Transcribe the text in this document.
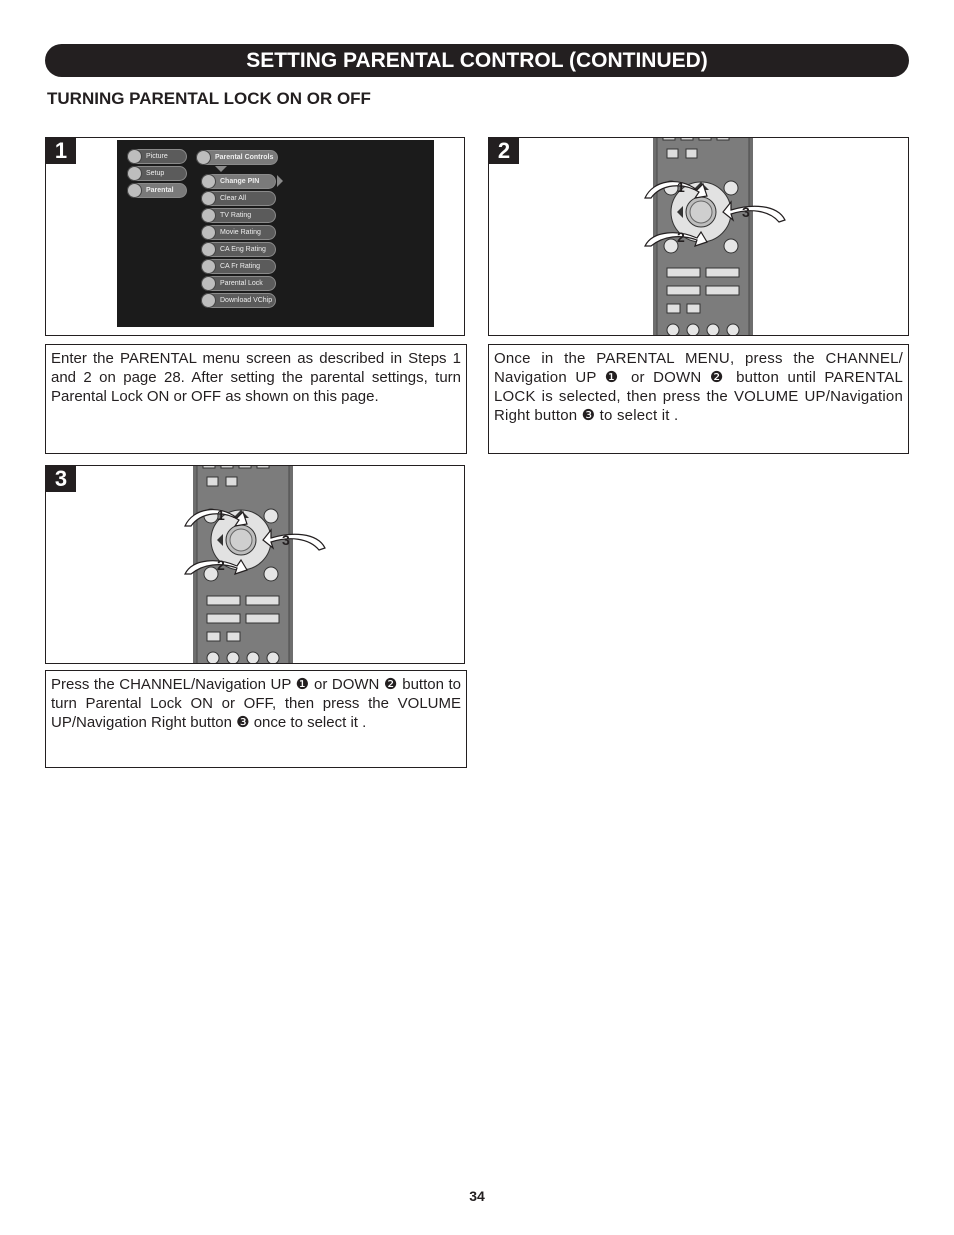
SETTING PARENTAL CONTROL (CONTINUED)
TURNING PARENTAL LOCK ON OR OFF
1	Picture
Setup
Parental
Parental Controls
Change PIN
Clear All
TV Rating
Movie Rating
CA Eng Rating
CA Fr Rating
Parental Lock
Download VChip
Enter the PARENTAL menu screen as described in Steps 1 and 2 on page 28. After setting the parental settings, turn Parental Lock ON or OFF as shown on this page.
2
1
2
3
Once in the PARENTAL MENU, press the CHANNEL/ Navigation UP ❶ or DOWN ❷ button until PARENTAL LOCK is selected, then press the VOLUME UP/Navigation Right button ❸ to select it .
3
1
2
3
Press the CHANNEL/Navigation UP ❶ or DOWN ❷ button to turn Parental Lock ON or OFF, then press the VOLUME UP/Navigation Right button ❸ once to select it .
34
